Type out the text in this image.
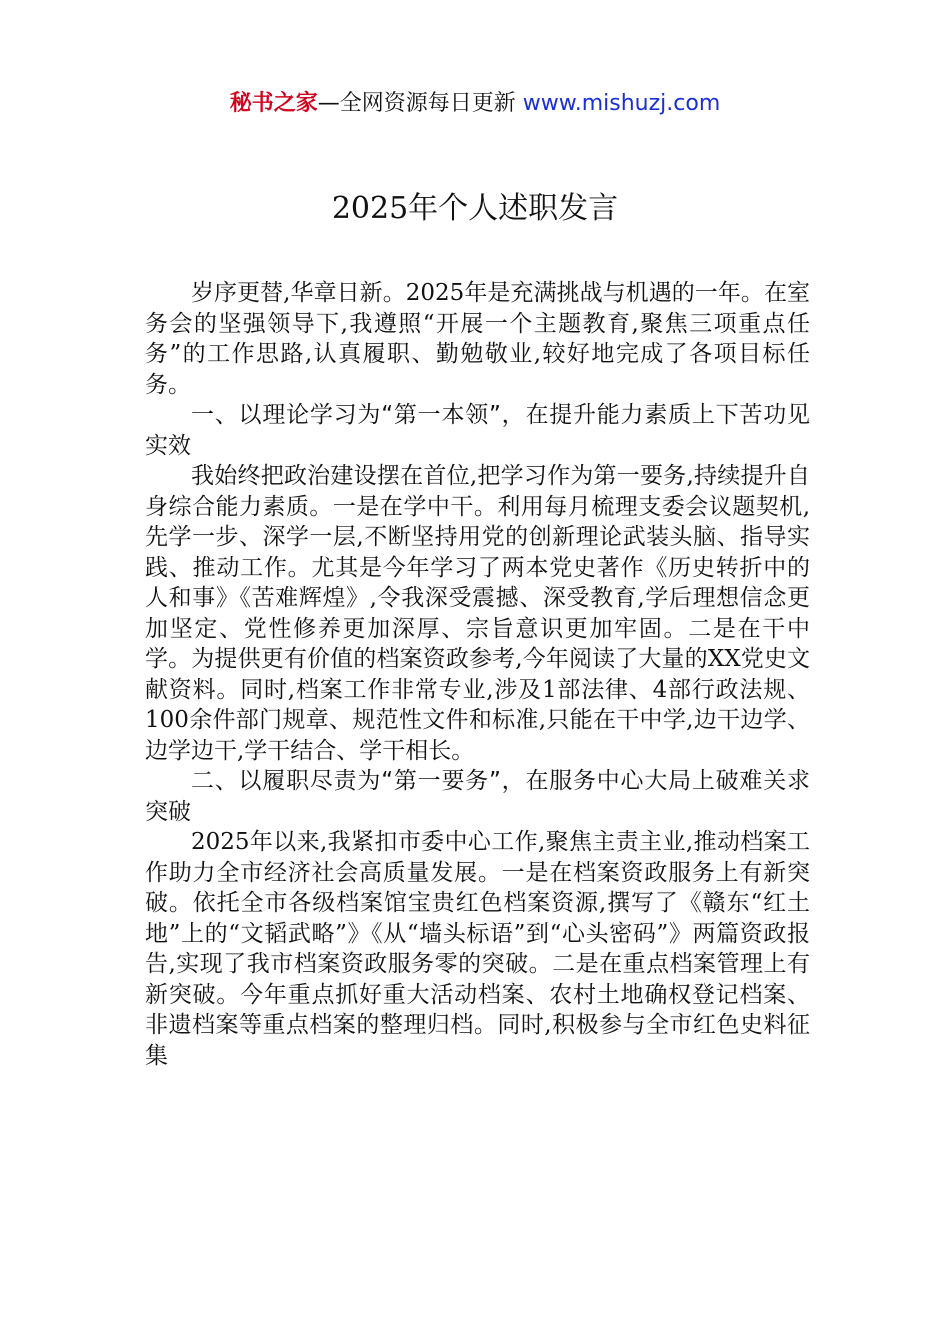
秘书之家—全网资源每日更新 www.mishuzj.com
2025年个人述职发言

岁序更替,华章日新。2025年是充满挑战与机遇的一年。在室务会的坚强领导下,我遵照“开展一个主题教育,聚焦三项重点任务”的工作思路,认真履职、勤勉敬业,较好地完成了各项目标任务。

一、以理论学习为“第一本领”，在提升能力素质上下苦功见实效

我始终把政治建设摆在首位,把学习作为第一要务,持续提升自身综合能力素质。一是在学中干。利用每月梳理支委会议题契机,先学一步、深学一层,不断坚持用党的创新理论武装头脑、指导实践、推动工作。尤其是今年学习了两本党史著作《历史转折中的人和事》《苦难辉煌》,令我深受震撼、深受教育,学后理想信念更加坚定、党性修养更加深厚、宗旨意识更加牢固。二是在干中学。为提供更有价值的档案资政参考,今年阅读了大量的XX党史文献资料。同时,档案工作非常专业,涉及1部法律、4部行政法规、100余件部门规章、规范性文件和标准,只能在干中学,边干边学、边学边干,学干结合、学干相长。

二、以履职尽责为“第一要务”，在服务中心大局上破难关求突破

2025年以来,我紧扣市委中心工作,聚焦主责主业,推动档案工作助力全市经济社会高质量发展。一是在档案资政服务上有新突破。依托全市各级档案馆宝贵红色档案资源,撰写了《赣东“红土地”上的“文韬武略”》《从“墙头标语”到“心头密码”》两篇资政报告,实现了我市档案资政服务零的突破。二是在重点档案管理上有新突破。今年重点抓好重大活动档案、农村土地确权登记档案、非遗档案等重点档案的整理归档。同时,积极参与全市红色史料征集
